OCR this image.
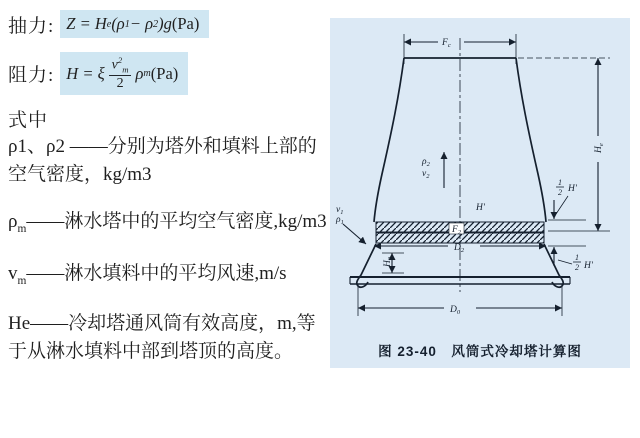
抽力: Z = H e (ρ 1 − ρ 2 ) g (Pa)
阻力: H = ξ $\frac{v^2_m}{2}$ ρ m (Pa)
式中
ρ1、ρ2 ——分别为塔外和填料上部的空气密度，kg/m3
$\rho_m——$淋水塔中的平均空气密度,kg/m3
$v_m——$淋水填料中的平均风速,m/s
He——冷却塔通风筒有效高度，m,等于从淋水填料中部到塔顶的高度。
$F_c$
$H_e$
1
2 H′
1
2 H′
$D_2$
$D_0$
$H_0$
$\rho_2$
$v_2$
H′
$F_2$
$v_1$
$\rho_1$
图 23-40　风筒式冷却塔计算图
